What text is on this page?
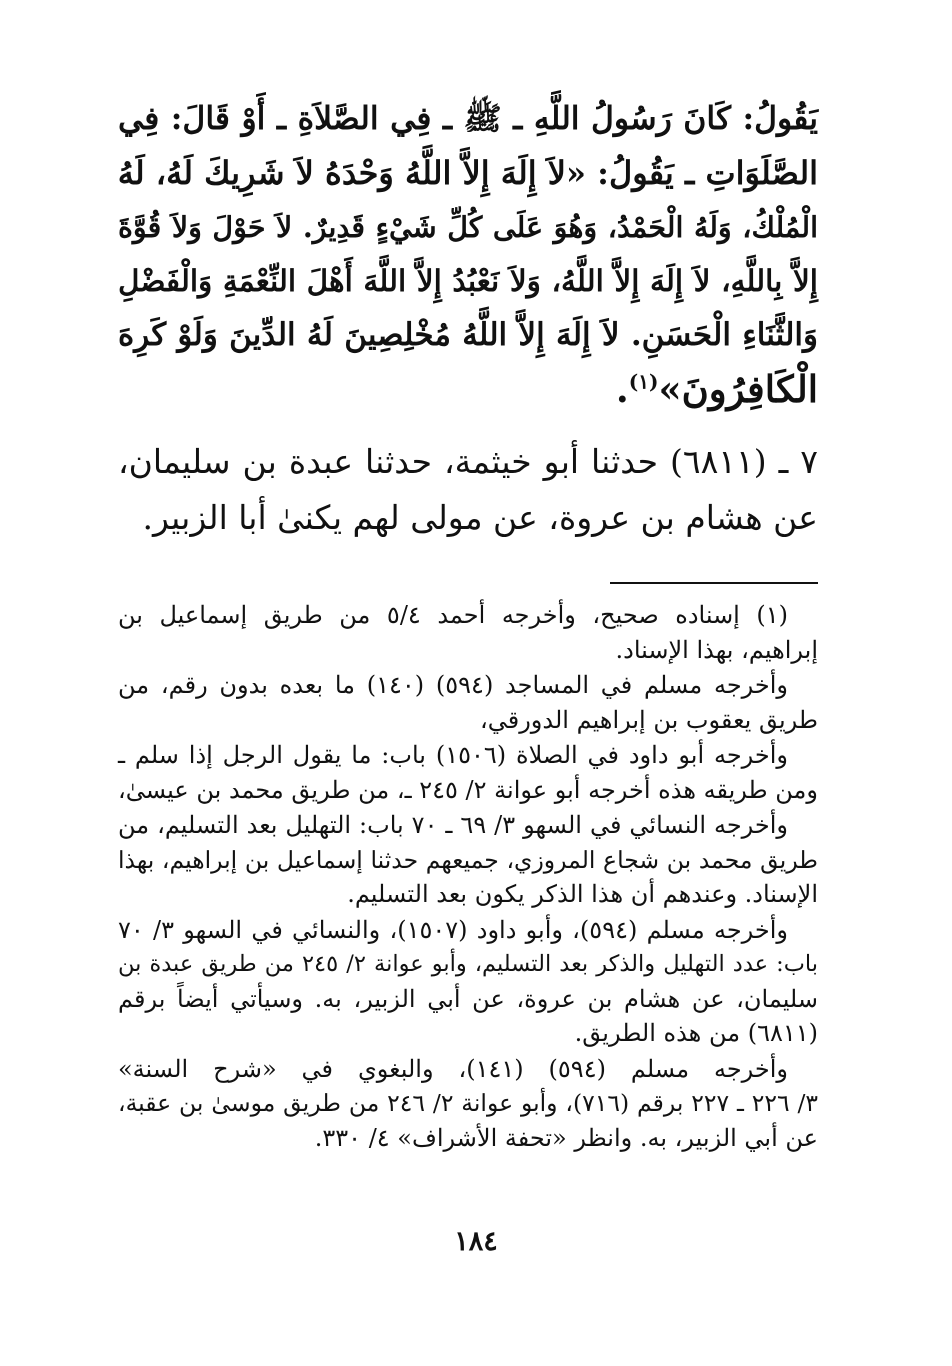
يَقُولُ: كَانَ رَسُولُ اللَّهِ ـ ﷺ ـ فِي الصَّلاَةِ ـ أَوْ قَالَ: فِي
الصَّلَوَاتِ ـ يَقُولُ: «لاَ إِلَهَ إِلاَّ اللَّهُ وَحْدَهُ لاَ شَرِيكَ لَهُ، لَهُ
الْمُلْكُ، وَلَهُ الْحَمْدُ، وَهُوَ عَلَى كُلِّ شَيْءٍ قَدِيرٌ. لاَ حَوْلَ وَلاَ قُوَّةَ
إِلاَّ بِاللَّهِ، لاَ إِلَهَ إِلاَّ اللَّهُ، وَلاَ نَعْبُدُ إِلاَّ اللَّهَ أَهْلَ النِّعْمَةِ وَالْفَضْلِ
وَالثَّنَاءِ الْحَسَنِ. لاَ إِلَهَ إِلاَّ اللَّهُ مُخْلِصِينَ لَهُ الدِّينَ وَلَوْ كَرِهَ
الْكَافِرُونَ»$^{(١)}$.

٧ ـ (٦٨١١) حدثنا أبو خيثمة، حدثنا عبدة بن سليمان،
عن هشام بن عروة، عن مولى لهم يكنىٰ أبا الزبير.

(١) إسناده صحيح، وأخرجه أحمد ٥/٤ من طريق إسماعيل بن
إبراهيم، بهذا الإسناد.

وأخرجه مسلم في المساجد (٥٩٤) (١٤٠) ما بعده بدون رقم، من
طريق يعقوب بن إبراهيم الدورقي،

وأخرجه أبو داود في الصلاة (١٥٠٦) باب: ما يقول الرجل إذا سلم ـ
ومن طريقه هذه أخرجه أبو عوانة ٢/ ٢٤٥ ـ، من طريق محمد بن عيسىٰ،

وأخرجه النسائي في السهو ٣/ ٦٩ ـ ٧٠ باب: التهليل بعد التسليم، من
طريق محمد بن شجاع المروزي، جميعهم حدثنا إسماعيل بن إبراهيم، بهذا
الإسناد. وعندهم أن هذا الذكر يكون بعد التسليم.

وأخرجه مسلم (٥٩٤)، وأبو داود (١٥٠٧)، والنسائي في السهو ٣/ ٧٠
باب: عدد التهليل والذكر بعد التسليم، وأبو عوانة ٢/ ٢٤٥ من طريق عبدة بن
سليمان، عن هشام بن عروة، عن أبي الزبير، به. وسيأتي أيضاً برقم
(٦٨١١) من هذه الطريق.

وأخرجه مسلم (٥٩٤) (١٤١)، والبغوي في «شرح السنة»
٣/ ٢٢٦ ـ ٢٢٧ برقم (٧١٦)، وأبو عوانة ٢/ ٢٤٦ من طريق موسىٰ بن عقبة،
عن أبي الزبير، به. وانظر «تحفة الأشراف» ٤/ ٣٣٠.

١٨٤
